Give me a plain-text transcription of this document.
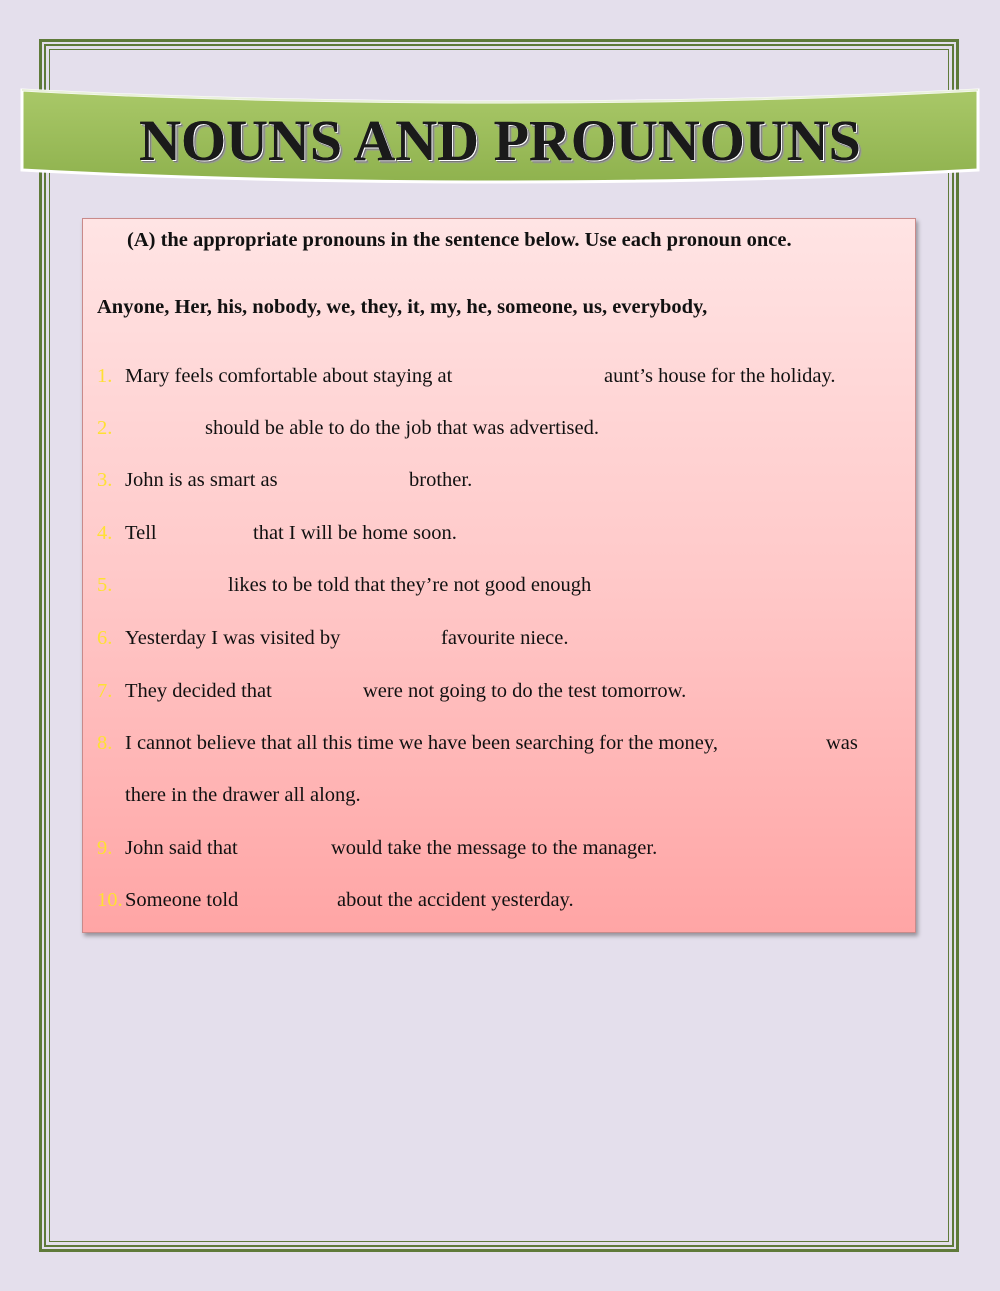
NOUNS AND PROUNOUNS

(A) the appropriate pronouns in the sentence below. Use each pronoun once.

Anyone, Her, his, nobody, we, they, it, my, he, someone, us, everybody,

1. Mary feels comfortable about staying at	aunt’s house for the holiday.
2.	should be able to do the job that was advertised.
3. John is as smart as	brother.
4. Tell	that I will be home soon.
5.	likes to be told that they’re not good enough
6. Yesterday I was visited by	favourite niece.
7. They decided that	were not going to do the test tomorrow.
8. I cannot believe that all this time we have been searching for the money,	was
there in the drawer all along.
9. John said that	would take the message to the manager.
10. Someone told	about the accident yesterday.
